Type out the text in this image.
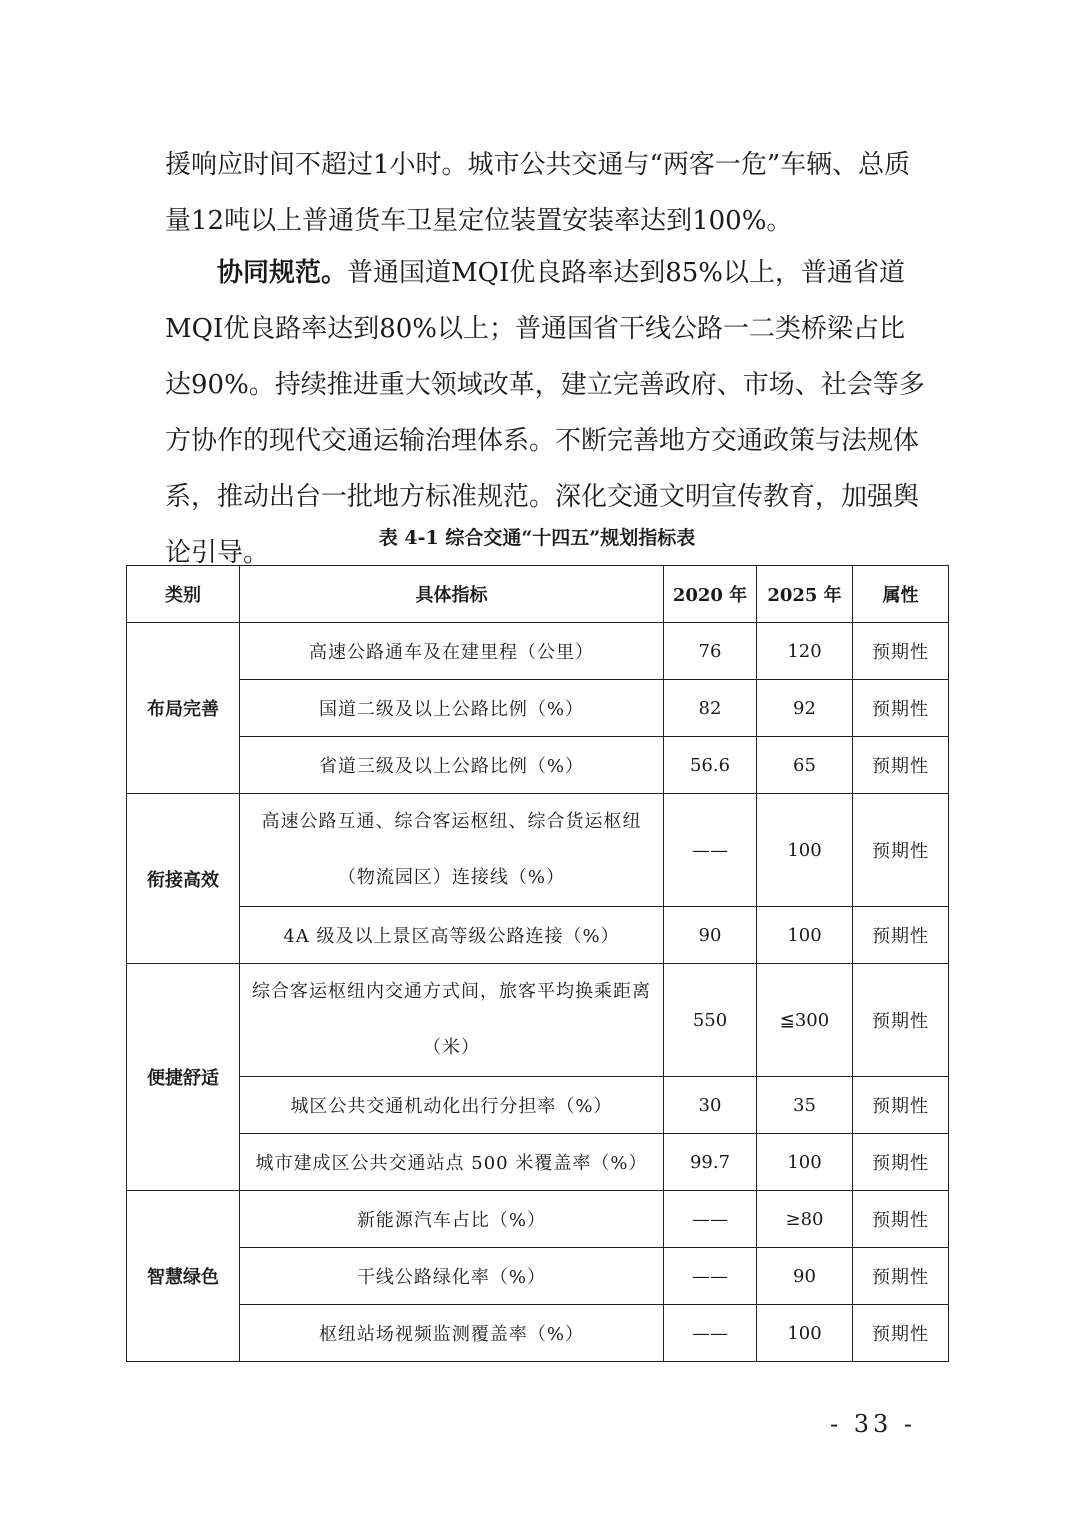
援响应时间不超过1小时。城市公共交通与“两客一危”车辆、总质量12吨以上普通货车卫星定位装置安装率达到100%。

协同规范。普通国道MQI优良路率达到85%以上，普通省道MQI优良路率达到80%以上；普通国省干线公路一二类桥梁占比达90%。持续推进重大领域改革，建立完善政府、市场、社会等多方协作的现代交通运输治理体系。不断完善地方交通政策与法规体系，推动出台一批地方标准规范。深化交通文明宣传教育，加强舆论引导。	表 4-1 综合交通“十四五”规划指标表
类别	具体指标	2020 年	2025 年	属性
布局完善	高速公路通车及在建里程（公里）	76	120	预期性
	国道二级及以上公路比例（%）	82	92	预期性
	省道三级及以上公路比例（%）	56.6	65	预期性
衔接高效	高速公路互通、综合客运枢纽、综合货运枢纽（物流园区）连接线（%）	——	100	预期性
	4A 级及以上景区高等级公路连接（%）	90	100	预期性
便捷舒适	综合客运枢纽内交通方式间，旅客平均换乘距离（米）	550	≦300	预期性
	城区公共交通机动化出行分担率（%）	30	35	预期性
	城市建成区公共交通站点 500 米覆盖率（%）	99.7	100	预期性
智慧绿色	新能源汽车占比（%）	——	≥80	预期性
	干线公路绿化率（%）	——	90	预期性
	枢纽站场视频监测覆盖率（%）	——	100	预期性
- 33 -
